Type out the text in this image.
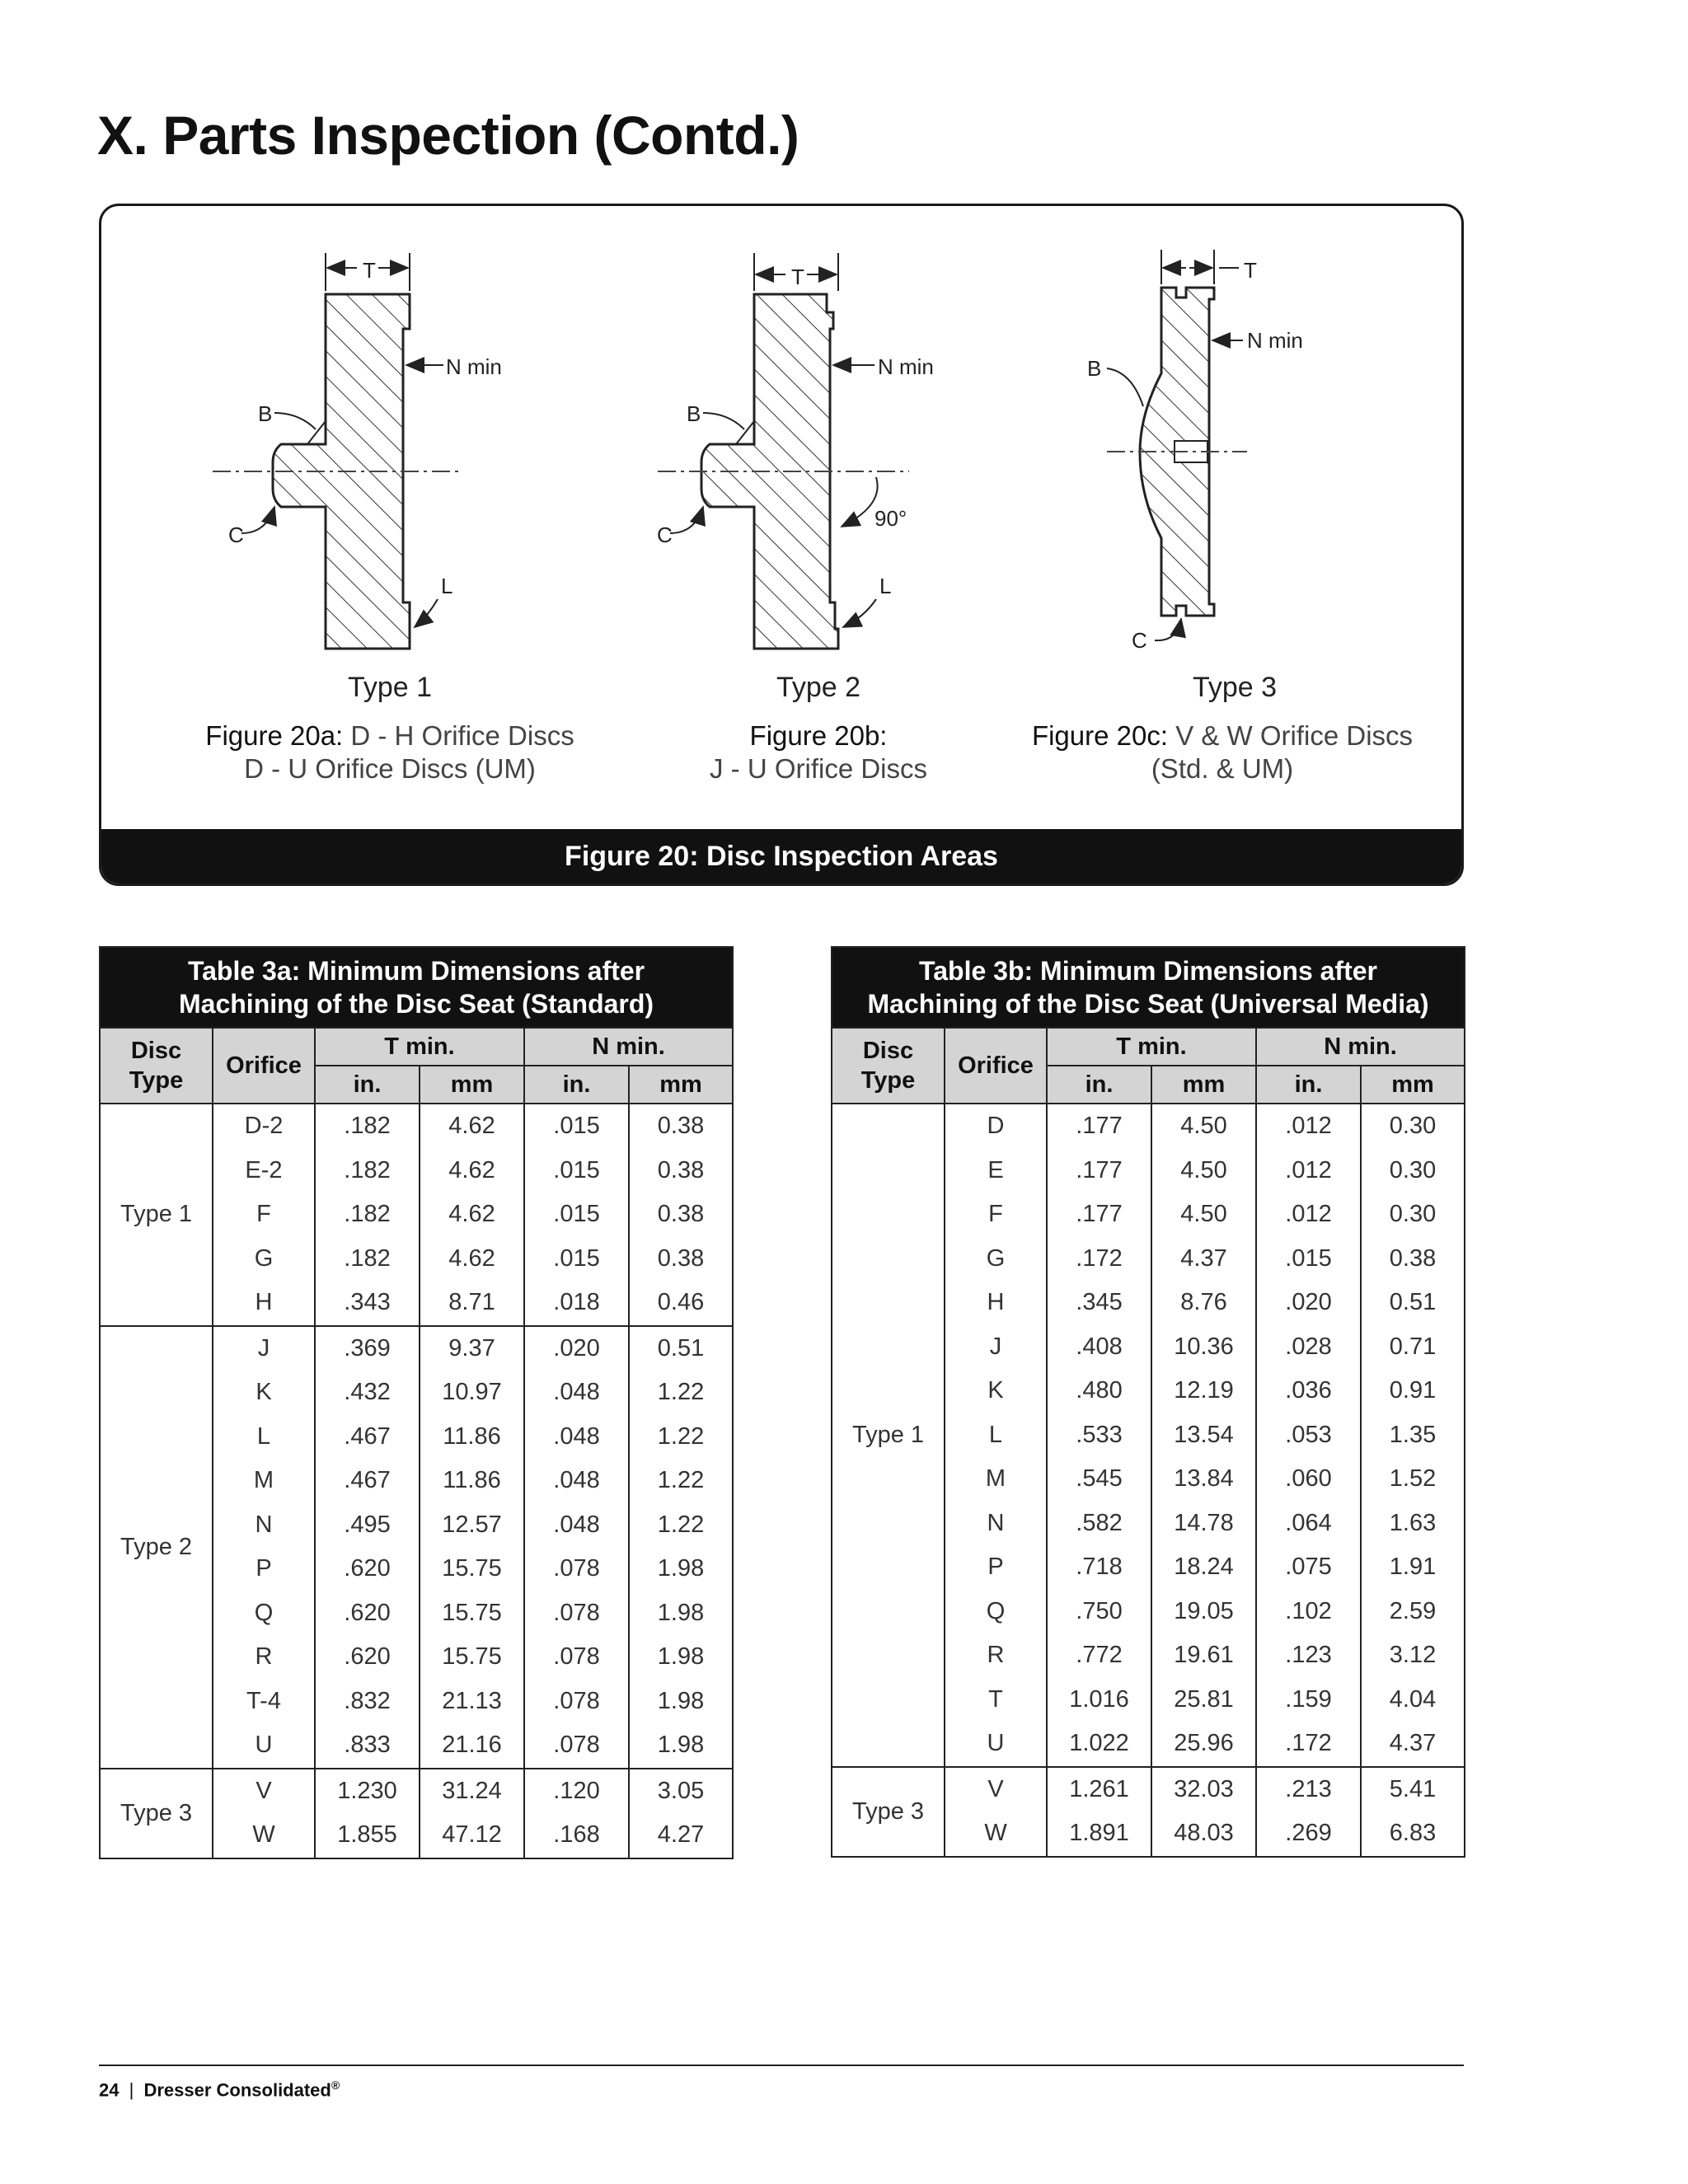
X. Parts Inspection (Contd.)
T
N min
B
C
L
T
N min
B
C
90°
L
T
N min
B
C
Type 1	Type 2	Type 3
Figure 20a: D - H Orifice Discs
D - U Orifice Discs (UM)
Figure 20b:
J - U Orifice Discs
Figure 20c: V & W Orifice Discs
(Std. & UM)
Figure 20: Disc Inspection Areas
Table 3a: Minimum Dimensions after
Machining of the Disc Seat (Standard)					

Disc
Type	Orifice	T min.		N min.	
		in.	mm	in.	mm
Type 1	D-2	.182	4.62	.015	0.38
	E-2	.182	4.62	.015	0.38
	F	.182	4.62	.015	0.38
	G	.182	4.62	.015	0.38
	H	.343	8.71	.018	0.46
Type 2	J	.369	9.37	.020	0.51
	K	.432	10.97	.048	1.22
	L	.467	11.86	.048	1.22
	M	.467	11.86	.048	1.22
	N	.495	12.57	.048	1.22
	P	.620	15.75	.078	1.98
	Q	.620	15.75	.078	1.98
	R	.620	15.75	.078	1.98
	T-4	.832	21.13	.078	1.98
	U	.833	21.16	.078	1.98
Type 3	V	1.230	31.24	.120	3.05
	W	1.855	47.12	.168	4.27
Table 3b: Minimum Dimensions after
Machining of the Disc Seat (Universal Media)					

Disc
Type	Orifice	T min.		N min.	
		in.	mm	in.	mm
Type 1	D	.177	4.50	.012	0.30
	E	.177	4.50	.012	0.30
	F	.177	4.50	.012	0.30
	G	.172	4.37	.015	0.38
	H	.345	8.76	.020	0.51
	J	.408	10.36	.028	0.71
	K	.480	12.19	.036	0.91
	L	.533	13.54	.053	1.35
	M	.545	13.84	.060	1.52
	N	.582	14.78	.064	1.63
	P	.718	18.24	.075	1.91
	Q	.750	19.05	.102	2.59
	R	.772	19.61	.123	3.12
	T	1.016	25.81	.159	4.04
	U	1.022	25.96	.172	4.37
Type 3	V	1.261	32.03	.213	5.41
	W	1.891	48.03	.269	6.83
24 | Dresser Consolidated®
